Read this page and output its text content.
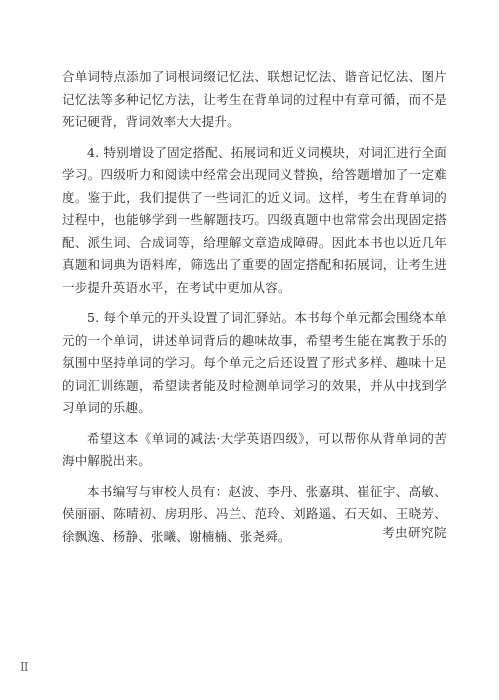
合单词特点添加了词根词缀记忆法、联想记忆法、谐音记忆法、图片记忆法等多种记忆方法，让考生在背单词的过程中有章可循，而不是死记硬背，背词效率大大提升。

4. 特别增设了固定搭配、拓展词和近义词模块，对词汇进行全面学习。四级听力和阅读中经常会出现同义替换，给答题增加了一定难度。鉴于此，我们提供了一些词汇的近义词。这样，考生在背单词的过程中，也能够学到一些解题技巧。四级真题中也常常会出现固定搭配、派生词、合成词等，给理解文章造成障碍。因此本书也以近几年真题和词典为语料库，筛选出了重要的固定搭配和拓展词，让考生进一步提升英语水平，在考试中更加从容。

5. 每个单元的开头设置了词汇驿站。本书每个单元都会围绕本单元的一个单词，讲述单词背后的趣味故事，希望考生能在寓教于乐的氛围中坚持单词的学习。每个单元之后还设置了形式多样、趣味十足的词汇训练题，希望读者能及时检测单词学习的效果，并从中找到学习单词的乐趣。

希望这本《单词的减法·大学英语四级》，可以帮你从背单词的苦海中解脱出来。

本书编写与审校人员有：赵波、李丹、张嘉琪、崔征宇、高敏、侯丽丽、陈晴初、房玥彤、冯兰、范玲、刘路遥、石天如、王晓芳、徐飘逸、杨静、张曦、谢楠楠、张尧舜。	考虫研究院
II
